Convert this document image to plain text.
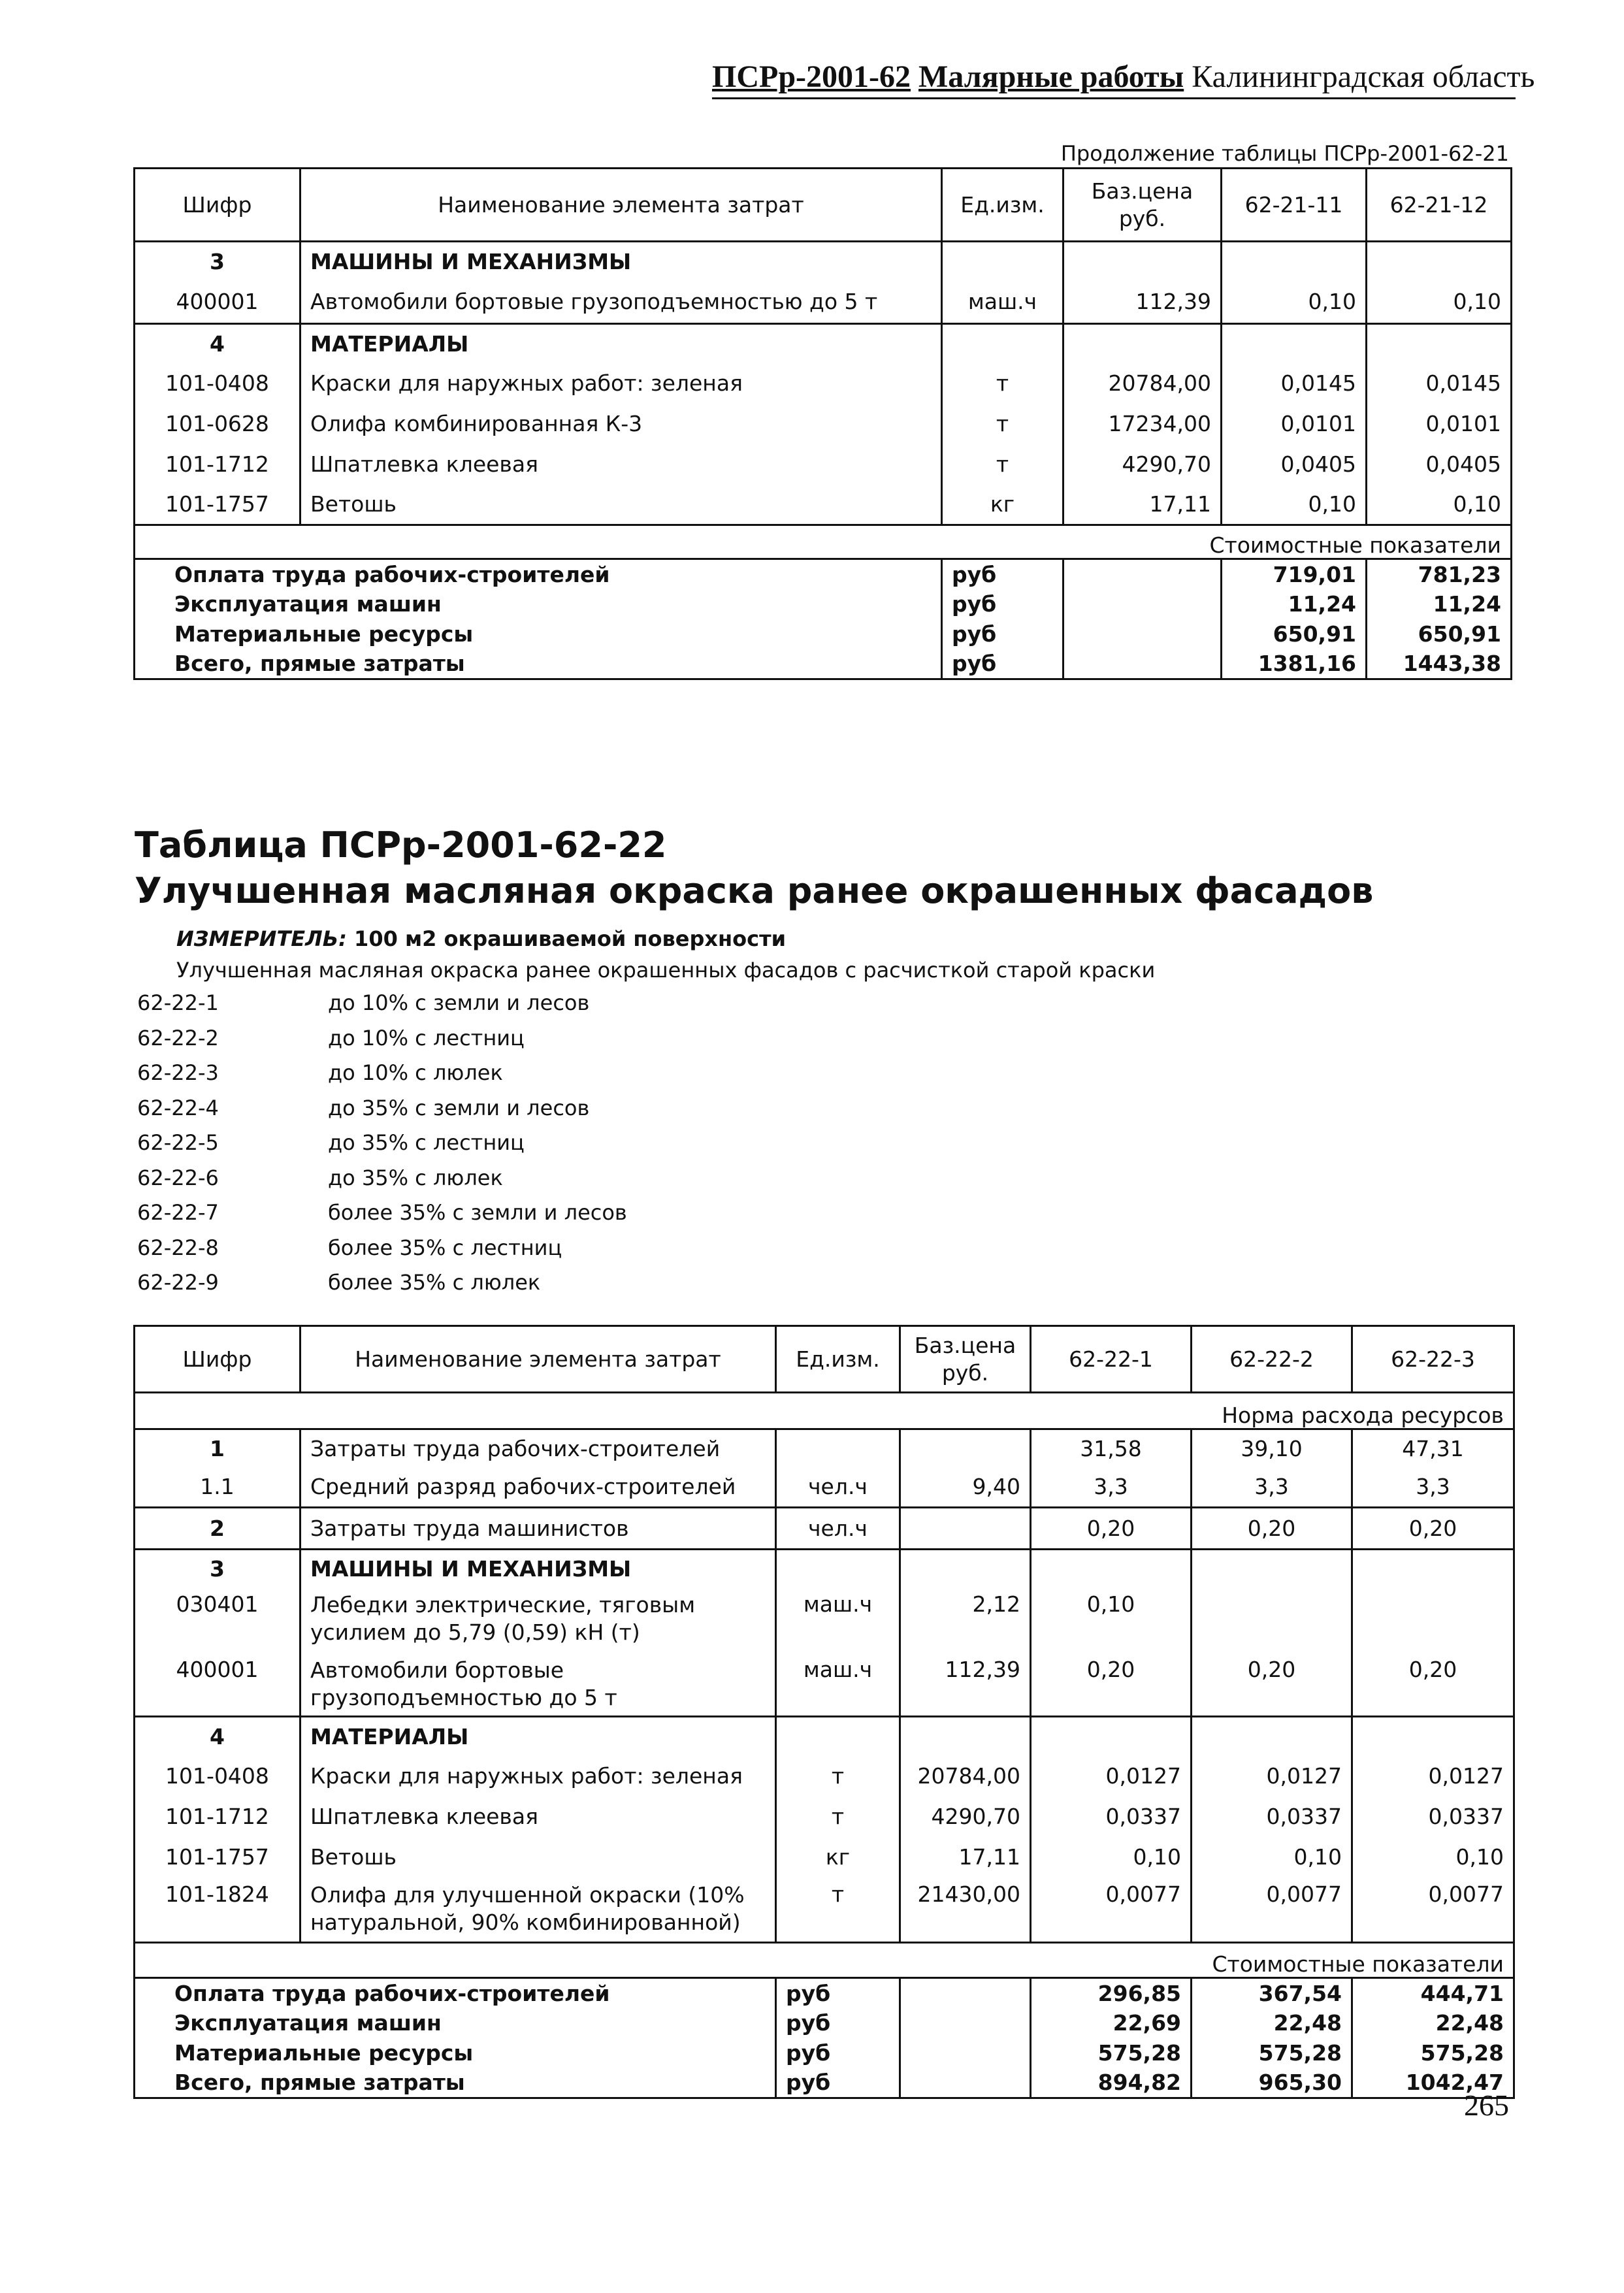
ПСРр-2001-62 Малярные работы Калининградская область
Продолжение таблицы ПСРр-2001-62-21
Шифр	Наименование элемента затрат	Ед.изм.	Баз.цена руб.	62-21-11	62-21-12
3	МАШИНЫ И МЕХАНИЗМЫ				
400001	Автомобили бортовые грузоподъемностью до 5 т	маш.ч	112,39	0,10	0,10
4	МАТЕРИАЛЫ				
101-0408	Краски для наружных работ: зеленая	т	20784,00	0,0145	0,0145
101-0628	Олифа комбинированная К-3	т	17234,00	0,0101	0,0101
101-1712	Шпатлевка клеевая	т	4290,70	0,0405	0,0405
101-1757	Ветошь	кг	17,11	0,10	0,10
Стоимостные показатели					
Оплата труда рабочих-строителей		руб		719,01	781,23
Эксплуатация машин		руб		11,24	11,24
Материальные ресурсы		руб		650,91	650,91
Всего, прямые затраты		руб		1381,16	1443,38
Таблица ПСРр-2001-62-22
Улучшенная масляная окраска ранее окрашенных фасадов
ИЗМЕРИТЕЛЬ: 100 м2 окрашиваемой поверхности
Улучшенная масляная окраска ранее окрашенных фасадов с расчисткой старой краски
62-22-1	до 10% с земли и лесов
62-22-2	до 10% с лестниц
62-22-3	до 10% с люлек
62-22-4	до 35% с земли и лесов
62-22-5	до 35% с лестниц
62-22-6	до 35% с люлек
62-22-7	более 35% с земли и лесов
62-22-8	более 35% с лестниц
62-22-9	более 35% с люлек
Шифр	Наименование элемента затрат	Ед.изм.	Баз.цена руб.	62-22-1	62-22-2	62-22-3
Норма расхода ресурсов						
1	Затраты труда рабочих-строителей			31,58	39,10	47,31
1.1	Средний разряд рабочих-строителей	чел.ч	9,40	3,3	3,3	3,3
2	Затраты труда машинистов	чел.ч		0,20	0,20	0,20
3	МАШИНЫ И МЕХАНИЗМЫ					
030401	Лебедки электрические, тяговым усилием до 5,79 (0,59) кН (т)	маш.ч	2,12	0,10		
400001	Автомобили бортовые грузоподъемностью до 5 т	маш.ч	112,39	0,20	0,20	0,20
4	МАТЕРИАЛЫ					
101-0408	Краски для наружных работ: зеленая	т	20784,00	0,0127	0,0127	0,0127
101-1712	Шпатлевка клеевая	т	4290,70	0,0337	0,0337	0,0337
101-1757	Ветошь	кг	17,11	0,10	0,10	0,10
101-1824	Олифа для улучшенной окраски (10% натуральной, 90% комбинированной)	т	21430,00	0,0077	0,0077	0,0077
Стоимостные показатели						
Оплата труда рабочих-строителей		руб		296,85	367,54	444,71
Эксплуатация машин		руб		22,69	22,48	22,48
Материальные ресурсы		руб		575,28	575,28	575,28
Всего, прямые затраты		руб		894,82	965,30	1042,47
265
